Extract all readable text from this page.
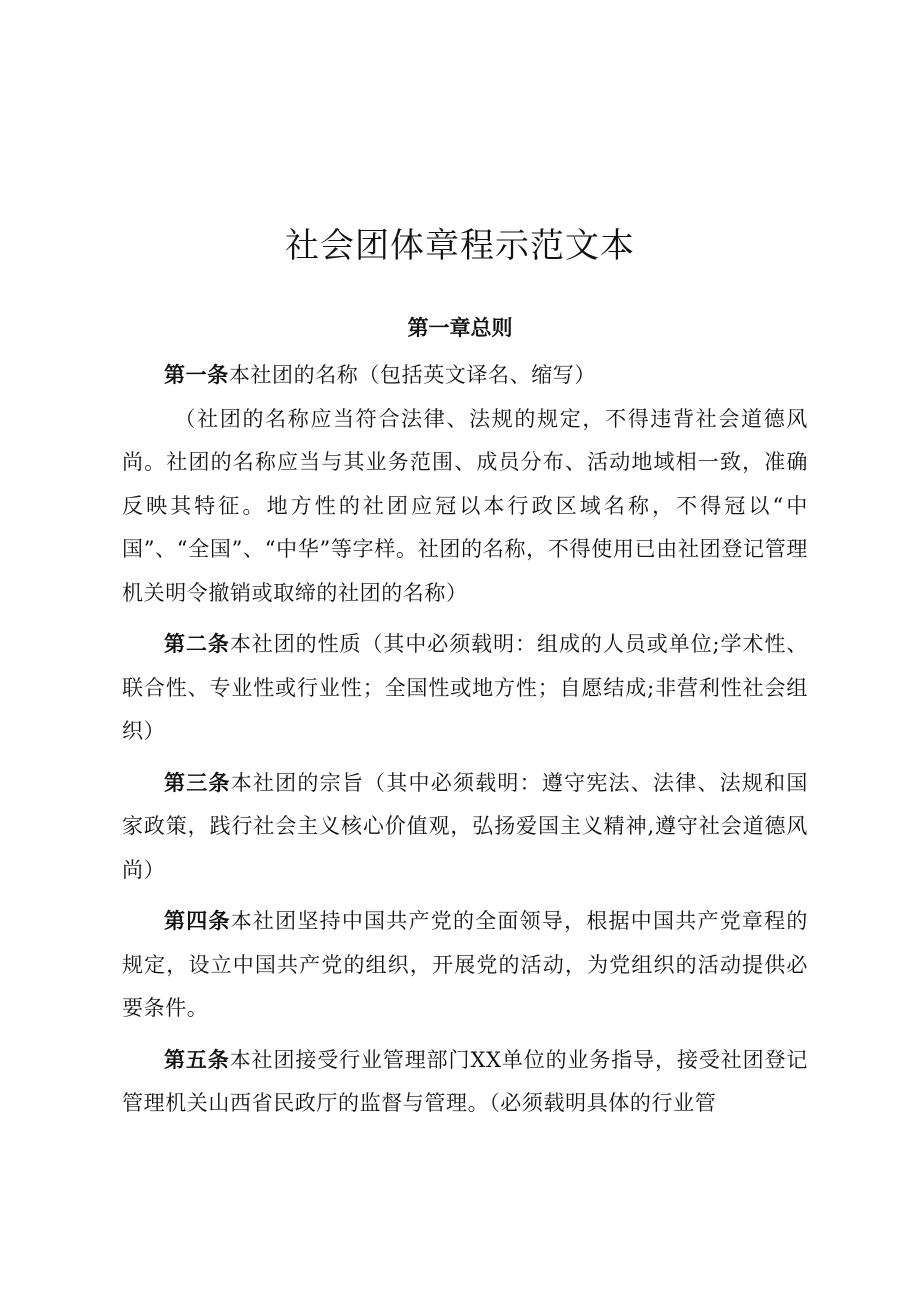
社会团体章程示范文本
第一章总则

第一条本社团的名称（包括英文译名、缩写）

（社团的名称应当符合法律、法规的规定，不得违背社会道德风尚。社团的名称应当与其业务范围、成员分布、活动地域相一致，准确反映其特征。地方性的社团应冠以本行政区域名称，不得冠以“中国”、“全国”、“中华”等字样。社团的名称，不得使用已由社团登记管理机关明令撤销或取缔的社团的名称）

第二条本社团的性质（其中必须载明：组成的人员或单位;学术性、联合性、专业性或行业性；全国性或地方性；自愿结成;非营利性社会组织）

第三条本社团的宗旨（其中必须载明：遵守宪法、法律、法规和国家政策，践行社会主义核心价值观，弘扬爱国主义精神,遵守社会道德风尚）

第四条本社团坚持中国共产党的全面领导，根据中国共产党章程的规定，设立中国共产党的组织，开展党的活动，为党组织的活动提供必要条件。

第五条本社团接受行业管理部门XX单位的业务指导，接受社团登记管理机关山西省民政厅的监督与管理。（必须载明具体的行业管
